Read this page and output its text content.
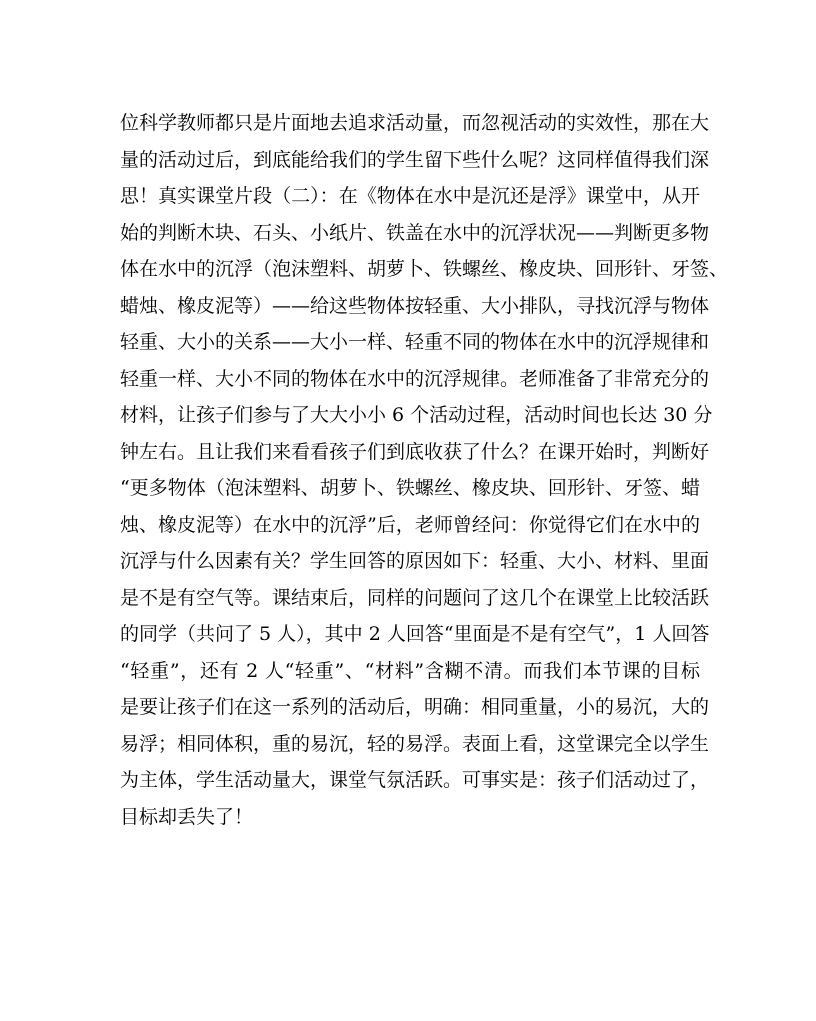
位科学教师都只是片面地去追求活动量，而忽视活动的实效性，那在大
量的活动过后，到底能给我们的学生留下些什么呢？这同样值得我们深
思！真实课堂片段（二）：在《物体在水中是沉还是浮》课堂中，从开
始的判断木块、石头、小纸片、铁盖在水中的沉浮状况——判断更多物
体在水中的沉浮（泡沫塑料、胡萝卜、铁螺丝、橡皮块、回形针、牙签、
蜡烛、橡皮泥等）——给这些物体按轻重、大小排队，寻找沉浮与物体
轻重、大小的关系——大小一样、轻重不同的物体在水中的沉浮规律和
轻重一样、大小不同的物体在水中的沉浮规律。老师准备了非常充分的
材料，让孩子们参与了大大小小 6 个活动过程，活动时间也长达 30 分
钟左右。且让我们来看看孩子们到底收获了什么？在课开始时，判断好
“更多物体（泡沫塑料、胡萝卜、铁螺丝、橡皮块、回形针、牙签、蜡
烛、橡皮泥等）在水中的沉浮”后，老师曾经问：你觉得它们在水中的
沉浮与什么因素有关？学生回答的原因如下：轻重、大小、材料、里面
是不是有空气等。课结束后，同样的问题问了这几个在课堂上比较活跃
的同学（共问了 5 人），其中 2 人回答“里面是不是有空气”，1 人回答
“轻重”，还有 2 人“轻重”、“材料”含糊不清。而我们本节课的目标
是要让孩子们在这一系列的活动后，明确：相同重量，小的易沉，大的
易浮；相同体积，重的易沉，轻的易浮。表面上看，这堂课完全以学生
为主体，学生活动量大，课堂气氛活跃。可事实是：孩子们活动过了，
目标却丢失了！
